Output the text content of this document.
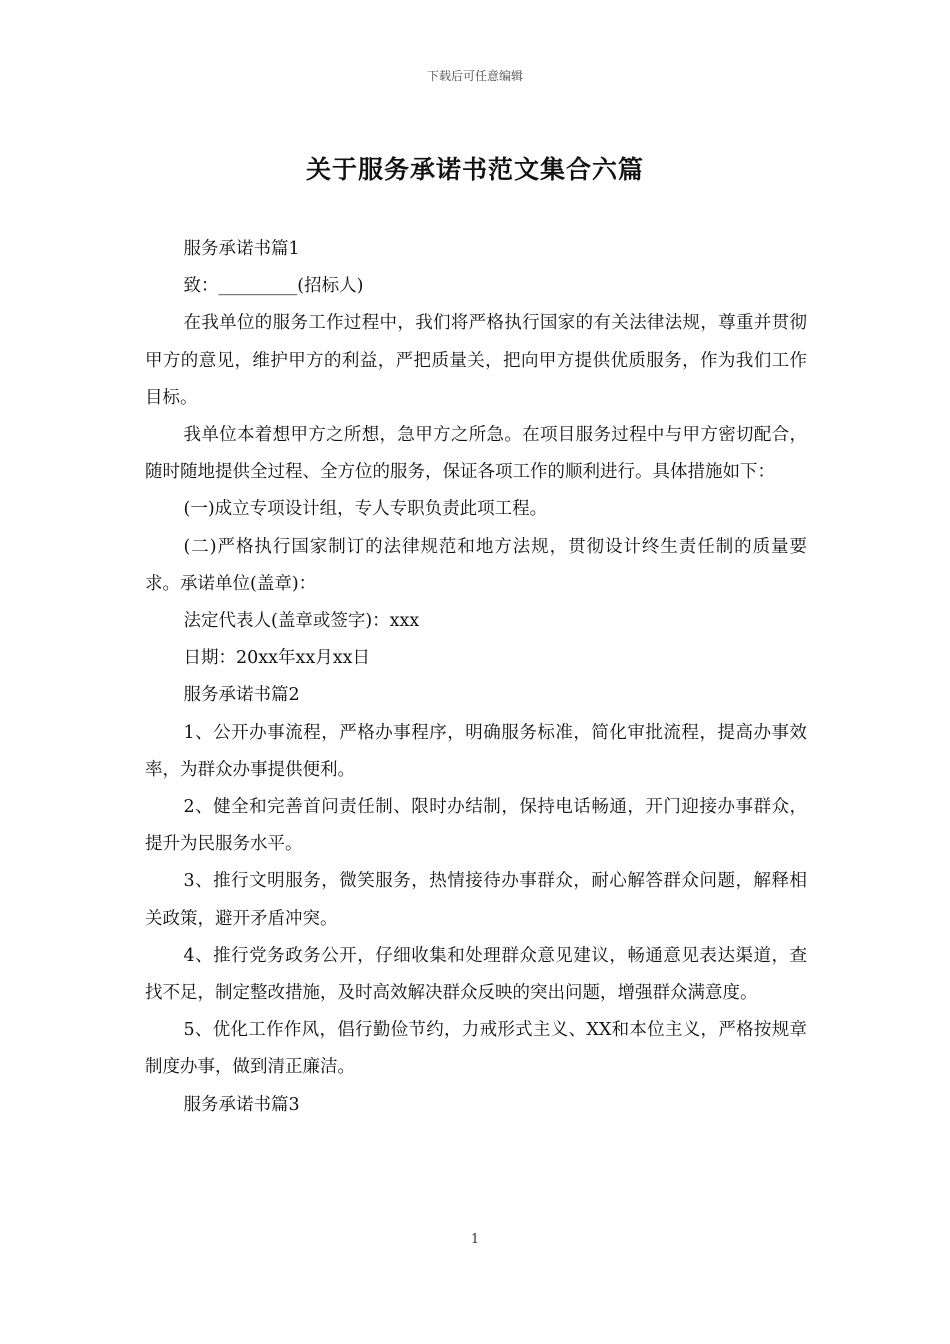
下载后可任意编辑
关于服务承诺书范文集合六篇

服务承诺书篇1

致：_________(招标人)

在我单位的服务工作过程中，我们将严格执行国家的有关法律法规，尊重并贯彻甲方的意见，维护甲方的利益，严把质量关，把向甲方提供优质服务，作为我们工作目标。

我单位本着想甲方之所想，急甲方之所急。在项目服务过程中与甲方密切配合，随时随地提供全过程、全方位的服务，保证各项工作的顺利进行。具体措施如下：

(一)成立专项设计组，专人专职负责此项工程。

(二)严格执行国家制订的法律规范和地方法规，贯彻设计终生责任制的质量要求。承诺单位(盖章)：

法定代表人(盖章或签字)：xxx

日期：20xx年xx月xx日

服务承诺书篇2

1、公开办事流程，严格办事程序，明确服务标准，简化审批流程，提高办事效率，为群众办事提供便利。

2、健全和完善首问责任制、限时办结制，保持电话畅通，开门迎接办事群众，提升为民服务水平。

3、推行文明服务，微笑服务，热情接待办事群众，耐心解答群众问题，解释相关政策，避开矛盾冲突。

4、推行党务政务公开，仔细收集和处理群众意见建议，畅通意见表达渠道，查找不足，制定整改措施，及时高效解决群众反映的突出问题，增强群众满意度。

5、优化工作作风，倡行勤俭节约，力戒形式主义、XX和本位主义，严格按规章制度办事，做到清正廉洁。

服务承诺书篇3

1
